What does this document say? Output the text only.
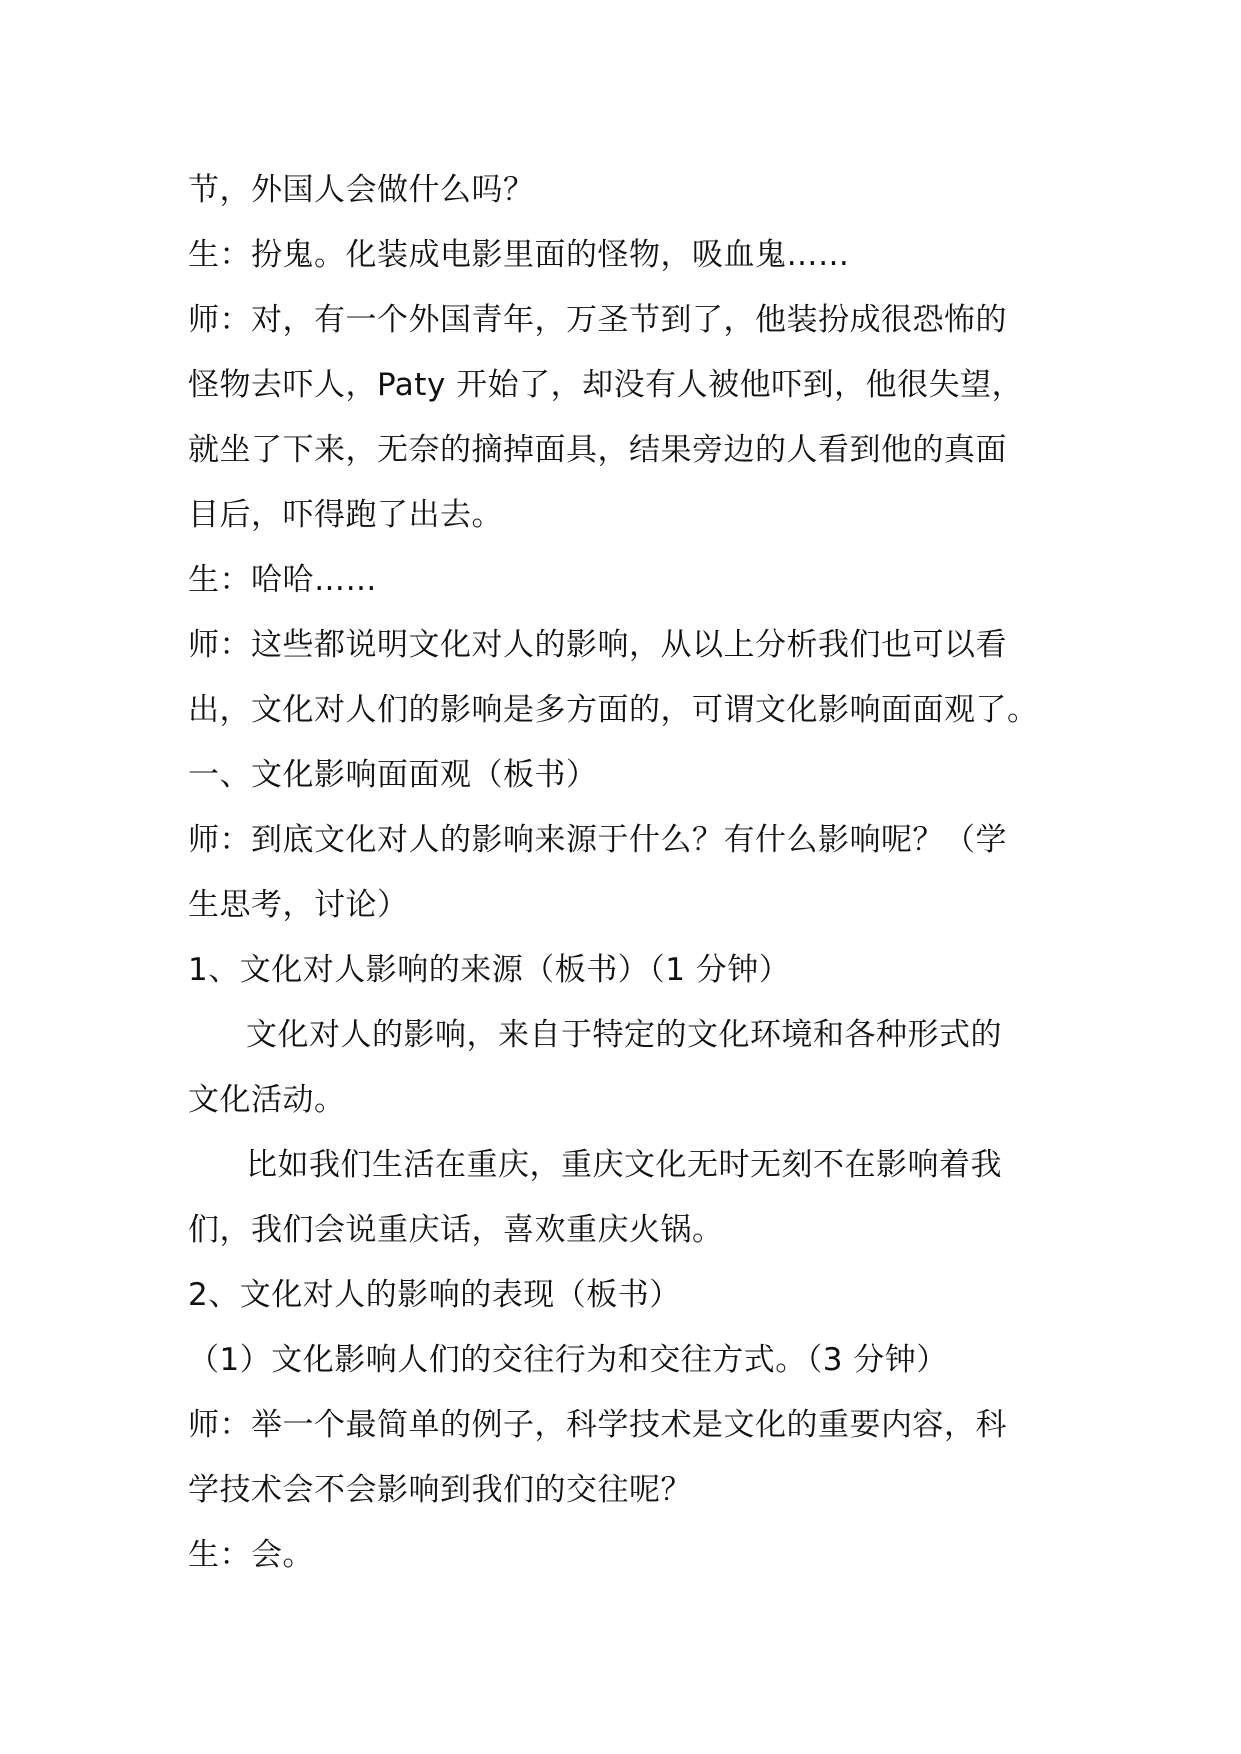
节，外国人会做什么吗？
生：扮鬼。化装成电影里面的怪物，吸血鬼……
师：对，有一个外国青年，万圣节到了，他装扮成很恐怖的
怪物去吓人，Paty 开始了，却没有人被他吓到，他很失望，
就坐了下来，无奈的摘掉面具，结果旁边的人看到他的真面
目后，吓得跑了出去。
生：哈哈……
师：这些都说明文化对人的影响，从以上分析我们也可以看
出，文化对人们的影响是多方面的，可谓文化影响面面观了。
一、文化影响面面观（板书）
师：到底文化对人的影响来源于什么？有什么影响呢？（学
生思考，讨论）
1、文化对人影响的来源（板书）（1 分钟）
文化对人的影响，来自于特定的文化环境和各种形式的
文化活动。
比如我们生活在重庆，重庆文化无时无刻不在影响着我
们，我们会说重庆话，喜欢重庆火锅。
2、文化对人的影响的表现（板书）
（1）文化影响人们的交往行为和交往方式。（3 分钟）
师：举一个最简单的例子，科学技术是文化的重要内容，科
学技术会不会影响到我们的交往呢？
生：会。
